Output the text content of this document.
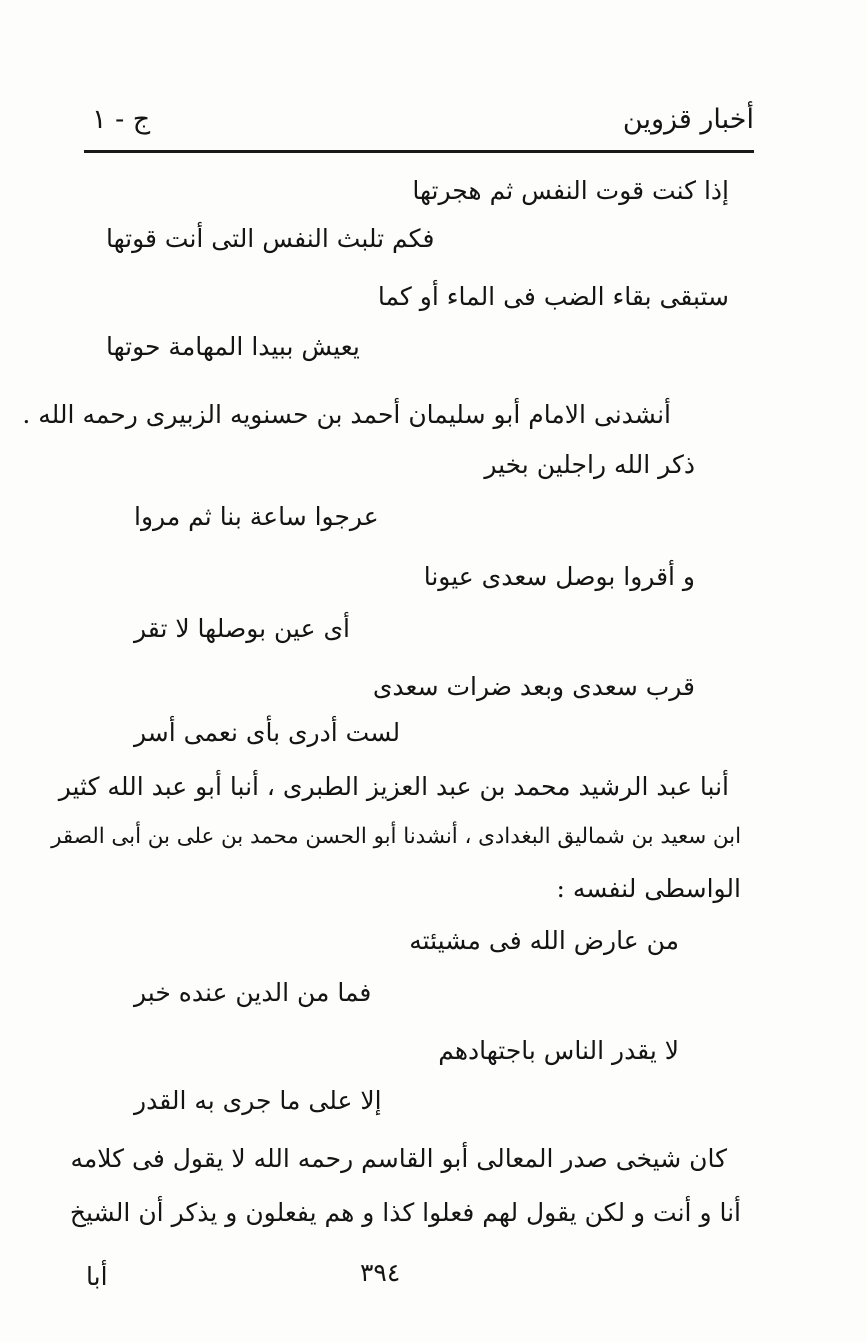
أخبار قزوين
ج - ١
إذا كنت قوت النفس ثم هجرتها
فكم تلبث النفس التى أنت قوتها
ستبقى بقاء الضب فى الماء أو كما
يعيش ببيدا المهامة حوتها
أنشدنى الامام أبو سليمان أحمد بن حسنويه الزبيرى رحمه الله .
ذكر الله راجلين بخير
عرجوا ساعة بنا ثم مروا
و أقروا بوصل سعدى عيونا
أى عين بوصلها لا تقر
قرب سعدى وبعد ضرات سعدى
لست أدرى بأى نعمى أسر
أنبا عبد الرشيد محمد بن عبد العزيز الطبرى ، أنبا أبو عبد الله كثير
ابن سعيد بن شماليق البغدادى ، أنشدنا أبو الحسن محمد بن على بن أبى الصقر
الواسطى لنفسه :
من عارض الله فى مشيئته
فما من الدين عنده خبر
لا يقدر الناس باجتهادهم
إلا على ما جرى به القدر
كان شيخى صدر المعالى أبو القاسم رحمه الله لا يقول فى كلامه
أنا و أنت و لكن يقول لهم فعلوا كذا و هم يفعلون و يذكر أن الشيخ
٣٩٤
أبا
